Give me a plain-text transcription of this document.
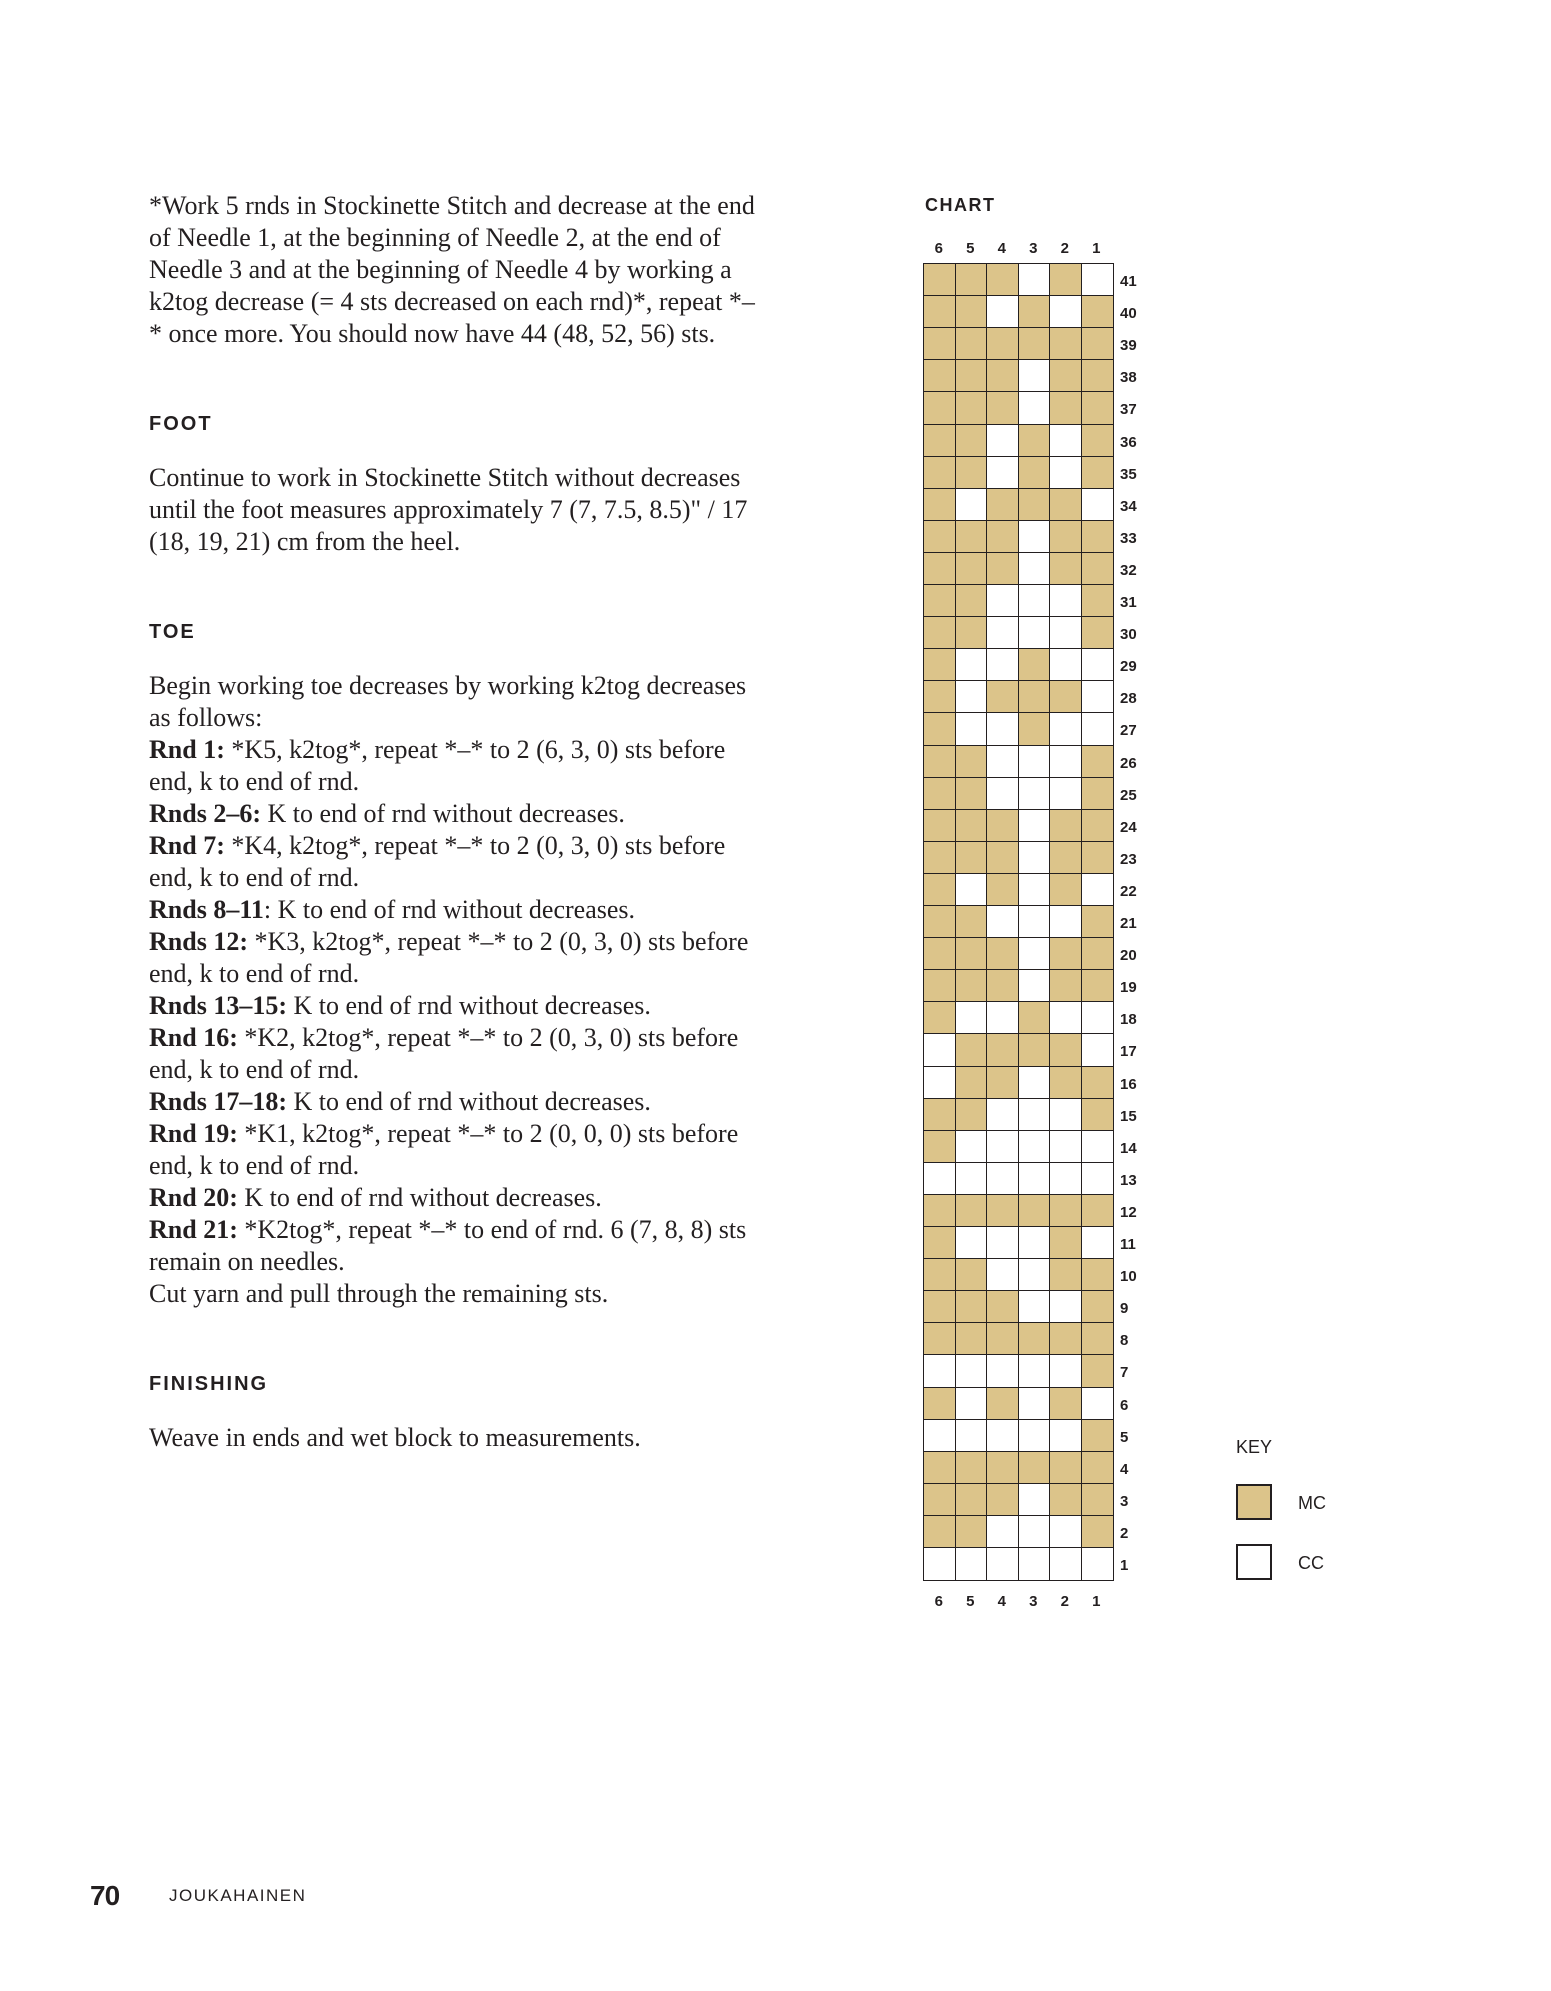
*Work 5 rnds in Stockinette Stitch and decrease at the end of Needle 1, at the beginning of Needle 2, at the end of Needle 3 and at the beginning of Needle 4 by working a k2tog decrease (= 4 sts decreased on each rnd)*, repeat *–* once more. You should now have 44 (48, 52, 56) sts.

FOOT

Continue to work in Stockinette Stitch without decreases until the foot measures approximately 7 (7, 7.5, 8.5)" / 17 (18, 19, 21) cm from the heel.

TOE

Begin working toe decreases by working k2tog decreases as follows:

Rnd 1: *K5, k2tog*, repeat *–* to 2 (6, 3, 0) sts before end, k to end of rnd.

Rnds 2–6: K to end of rnd without decreases.

Rnd 7: *K4, k2tog*, repeat *–* to 2 (0, 3, 0) sts before end, k to end of rnd.

Rnds 8–11: K to end of rnd without decreases.

Rnds 12: *K3, k2tog*, repeat *–* to 2 (0, 3, 0) sts before end, k to end of rnd.

Rnds 13–15: K to end of rnd without decreases.

Rnd 16: *K2, k2tog*, repeat *–* to 2 (0, 3, 0) sts before end, k to end of rnd.

Rnds 17–18: K to end of rnd without decreases.

Rnd 19: *K1, k2tog*, repeat *–* to 2 (0, 0, 0) sts before end, k to end of rnd.

Rnd 20: K to end of rnd without decreases.

Rnd 21: *K2tog*, repeat *–* to end of rnd. 6 (7, 8, 8) sts remain on needles.

Cut yarn and pull through the remaining sts.

FINISHING

Weave in ends and wet block to measurements.

CHART
6
6
5
5
4
4
3
3
2
2
1
1
41
40
39
38
37
36
35
34
33
32
31
30
29
28
27
26
25
24
23
22
21
20
19
18
17
16
15
14
13
12
11
10
9
8
7
6
5
4
3
2
1
KEY
MC
CC
70	JOUKAHAINEN
